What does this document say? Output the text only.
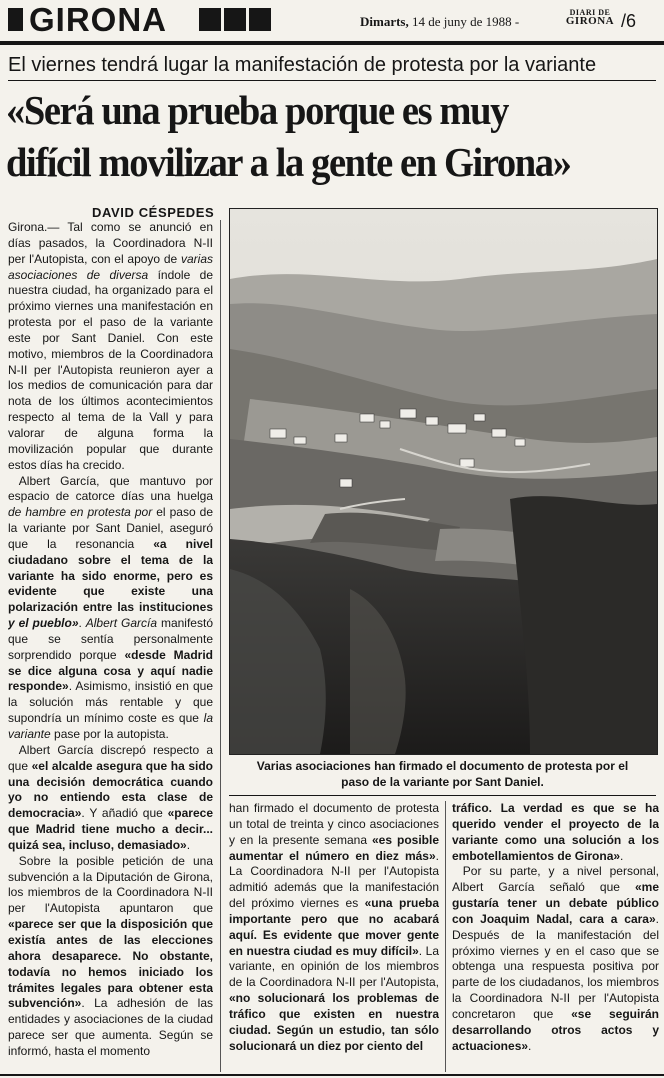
GIRONA	Dimarts, 14 de juny de 1988 -
DIARI DE
GIRONA /6
El viernes tendrá lugar la manifestación de protesta por la variante
«Será una prueba porque es muy
difícil movilizar a la gente en Girona»
DAVID CÉSPEDES

Girona.— Tal como se anunció en días pasados, la Coordinadora N-II per l'Autopista, con el apoyo de varias asociaciones de diversa índole de nuestra ciudad, ha organizado para el próximo viernes una manifestación en protesta por el paso de la variante este por Sant Daniel. Con este motivo, miembros de la Coordinadora N-II per l'Autopista reunieron ayer a los medios de comunicación para dar nota de los últimos acontecimientos respecto al tema de la Vall y para valorar de alguna forma la movilización popular que durante estos días ha crecido.

Albert García, que mantuvo por espacio de catorce días una huelga de hambre en protesta por el paso de la variante por Sant Daniel, aseguró que la resonancia «a nivel ciudadano sobre el tema de la variante ha sido enorme, pero es evidente que existe una polarización entre las instituciones y el pueblo». Albert García manifestó que se sentía personalmente sorprendido porque «desde Madrid se dice alguna cosa y aquí nadie responde». Asimismo, insistió en que la solución más rentable y que supondría un mínimo coste es que la variante pase por la autopista.

Albert García discrepó respecto a que «el alcalde asegura que ha sido una decisión democrática cuando yo no entiendo esta clase de democracia». Y añadió que «parece que Madrid tiene mucho a decir... quizá sea, incluso, demasiado».

Sobre la posible petición de una subvención a la Diputación de Girona, los miembros de la Coordinadora N-II per l'Autopista apuntaron que «parece ser que la disposición que existía antes de las elecciones ahora desaparece. No obstante, todavía no hemos iniciado los trámites legales para obtener esta subvención». La adhesión de las entidades y asociaciones de la ciudad parece ser que aumenta. Según se informó, hasta el momento

Varias asociaciones han firmado el documento de protesta por el
paso de la variante por Sant Daniel.

han firmado el documento de protesta un total de treinta y cinco asociaciones y en la presente semana «es posible aumentar el número en diez más». La Coordinadora N-II per l'Autopista admitió además que la manifestación del próximo viernes es «una prueba importante pero que no acabará aquí. Es evidente que mover gente en nuestra ciudad es muy difícil». La variante, en opinión de los miembros de la Coordinadora N-II per l'Autopista, «no solucionará los problemas de tráfico que existen en nuestra ciudad. Según un estudio, tan sólo solucionará un diez por ciento del

tráfico. La verdad es que se ha querido vender el proyecto de la variante como una solución a los embotellamientos de Girona».

Por su parte, y a nivel personal, Albert García señaló que «me gustaría tener un debate público con Joaquim Nadal, cara a cara». Después de la manifestación del próximo viernes y en el caso que se obtenga una respuesta positiva por parte de los ciudadanos, los miembros la Coordinadora N-II per l'Autopista concretaron que «se seguirán desarrollando otros actos y actuaciones».
